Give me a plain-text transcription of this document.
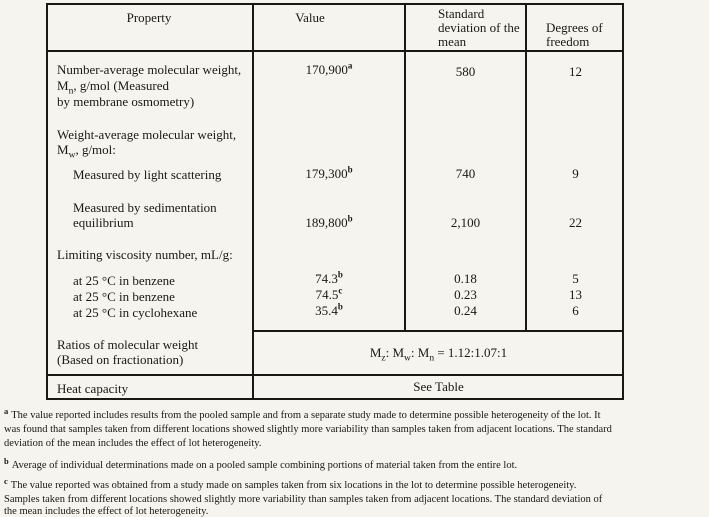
Property	Value	Standard deviation of the mean
Degrees of freedom
Number-average molecular weight,
$M_n$, g/mol (Measured
by membrane osmometry)
Weight-average molecular weight,
$M_w$, g/mol:
Measured by light scattering
Measured by sedimentation
equilibrium
Limiting viscosity number, mL/g:
at 25 °C in benzene
at 25 °C in benzene
at 25 °C in cyclohexane
Ratios of molecular weight
(Based on fractionation)
Heat capacity
170,900$^a$
179,300$^b$
189,800$^b$
74.3$^b$
74.5$^c$
35.4$^b$
580
740
2,100
0.18
0.23
0.24
12
9
22
5
13
6
$M_z$: $M_w$: $M_n$ = 1.12:1.07:1
See Table
$^a$ The value reported includes results from the pooled sample and from a separate study made to determine possible heterogeneity of the lot. It
was found that samples taken from different locations showed slightly more variability than samples taken from adjacent locations. The standard
deviation of the mean includes the effect of lot heterogeneity.
$^b$ Average of individual determinations made on a pooled sample combining portions of material taken from the entire lot.
$^c$ The value reported was obtained from a study made on samples taken from six locations in the lot to determine possible heterogeneity.
Samples taken from different locations showed slightly more variability than samples taken from adjacent locations. The standard deviation of
the mean includes the effect of lot heterogeneity.
